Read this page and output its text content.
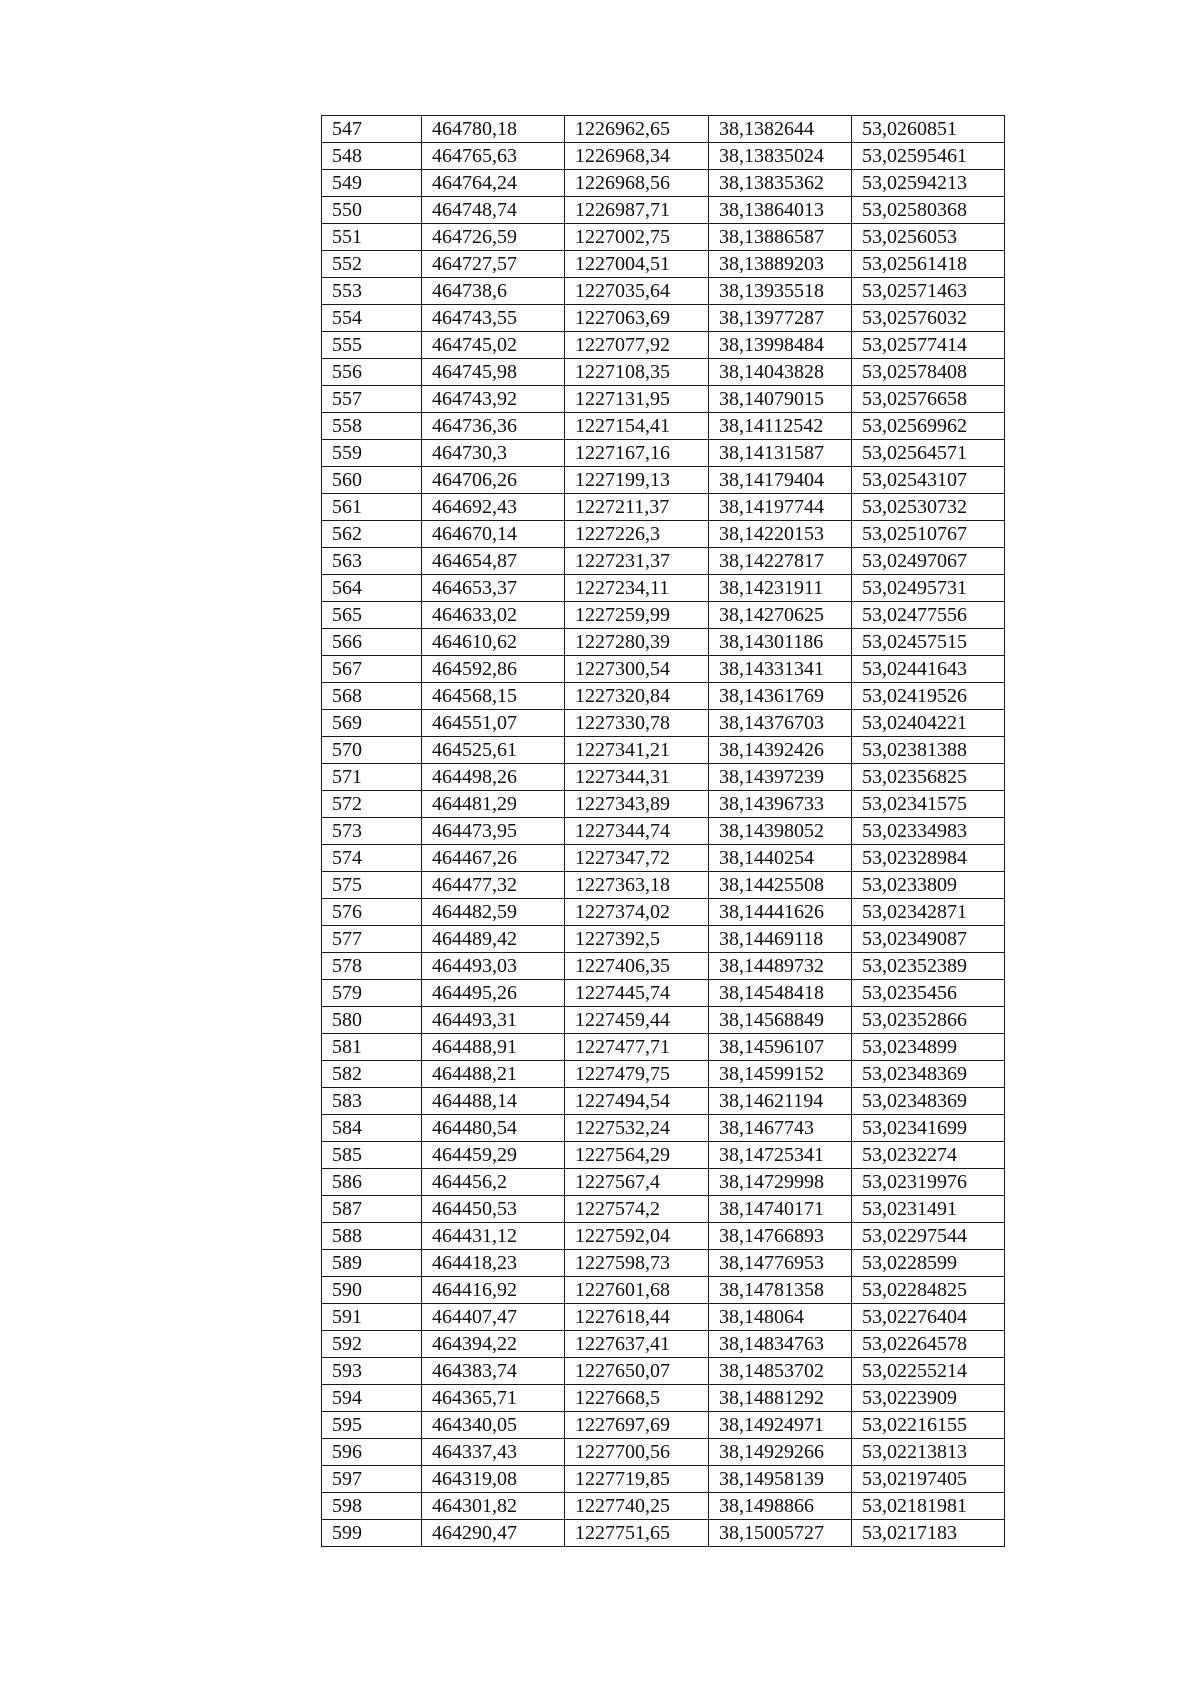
547	464780,18	1226962,65	38,1382644	53,0260851
548	464765,63	1226968,34	38,13835024	53,02595461
549	464764,24	1226968,56	38,13835362	53,02594213
550	464748,74	1226987,71	38,13864013	53,02580368
551	464726,59	1227002,75	38,13886587	53,0256053
552	464727,57	1227004,51	38,13889203	53,02561418
553	464738,6	1227035,64	38,13935518	53,02571463
554	464743,55	1227063,69	38,13977287	53,02576032
555	464745,02	1227077,92	38,13998484	53,02577414
556	464745,98	1227108,35	38,14043828	53,02578408
557	464743,92	1227131,95	38,14079015	53,02576658
558	464736,36	1227154,41	38,14112542	53,02569962
559	464730,3	1227167,16	38,14131587	53,02564571
560	464706,26	1227199,13	38,14179404	53,02543107
561	464692,43	1227211,37	38,14197744	53,02530732
562	464670,14	1227226,3	38,14220153	53,02510767
563	464654,87	1227231,37	38,14227817	53,02497067
564	464653,37	1227234,11	38,14231911	53,02495731
565	464633,02	1227259,99	38,14270625	53,02477556
566	464610,62	1227280,39	38,14301186	53,02457515
567	464592,86	1227300,54	38,14331341	53,02441643
568	464568,15	1227320,84	38,14361769	53,02419526
569	464551,07	1227330,78	38,14376703	53,02404221
570	464525,61	1227341,21	38,14392426	53,02381388
571	464498,26	1227344,31	38,14397239	53,02356825
572	464481,29	1227343,89	38,14396733	53,02341575
573	464473,95	1227344,74	38,14398052	53,02334983
574	464467,26	1227347,72	38,1440254	53,02328984
575	464477,32	1227363,18	38,14425508	53,0233809
576	464482,59	1227374,02	38,14441626	53,02342871
577	464489,42	1227392,5	38,14469118	53,02349087
578	464493,03	1227406,35	38,14489732	53,02352389
579	464495,26	1227445,74	38,14548418	53,0235456
580	464493,31	1227459,44	38,14568849	53,02352866
581	464488,91	1227477,71	38,14596107	53,0234899
582	464488,21	1227479,75	38,14599152	53,02348369
583	464488,14	1227494,54	38,14621194	53,02348369
584	464480,54	1227532,24	38,1467743	53,02341699
585	464459,29	1227564,29	38,14725341	53,0232274
586	464456,2	1227567,4	38,14729998	53,02319976
587	464450,53	1227574,2	38,14740171	53,0231491
588	464431,12	1227592,04	38,14766893	53,02297544
589	464418,23	1227598,73	38,14776953	53,0228599
590	464416,92	1227601,68	38,14781358	53,02284825
591	464407,47	1227618,44	38,148064	53,02276404
592	464394,22	1227637,41	38,14834763	53,02264578
593	464383,74	1227650,07	38,14853702	53,02255214
594	464365,71	1227668,5	38,14881292	53,0223909
595	464340,05	1227697,69	38,14924971	53,02216155
596	464337,43	1227700,56	38,14929266	53,02213813
597	464319,08	1227719,85	38,14958139	53,02197405
598	464301,82	1227740,25	38,1498866	53,02181981
599	464290,47	1227751,65	38,15005727	53,0217183
